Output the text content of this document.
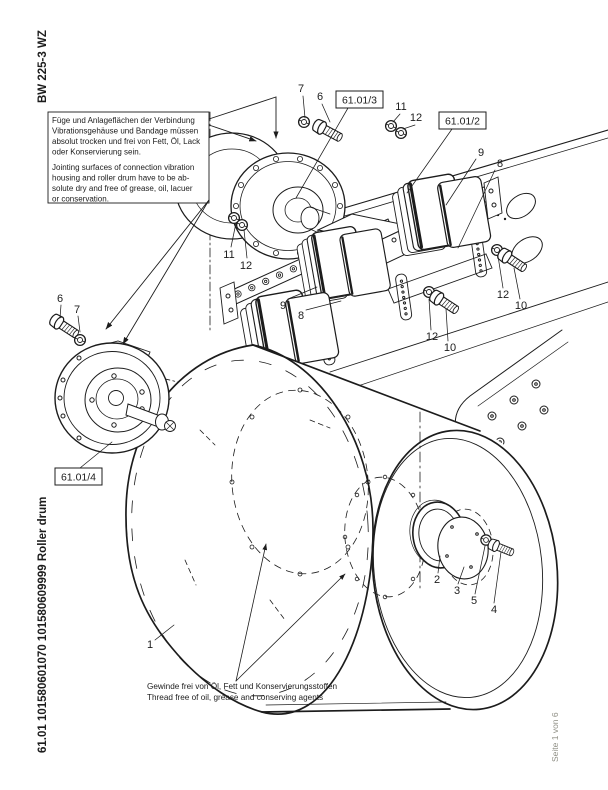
Füge und Anlageflächen der Verbindung
Vibrationsgehäuse und Bandage müssen
absolut trocken und frei von Fett, Öl, Lack
oder Konservierung sein.
Jointing surfaces of connection vibration
housing and roller drum have to be ab-
solute dry and free of grease, oil, lacuer
or conservation.
Gewinde frei von Öl, Fett und Konservierungsstoffen
Thread free of oil, grease and conserving agents
7
6
11
12
9
8
11
12
9
8
12
10
12
10
6
7
1
2
3
5
4
61.01/3
61.01/2
61.01/4
BW 225-3 WZ
61.01 101580601070 101580609999 Roller drum	Seite 1 von 6
